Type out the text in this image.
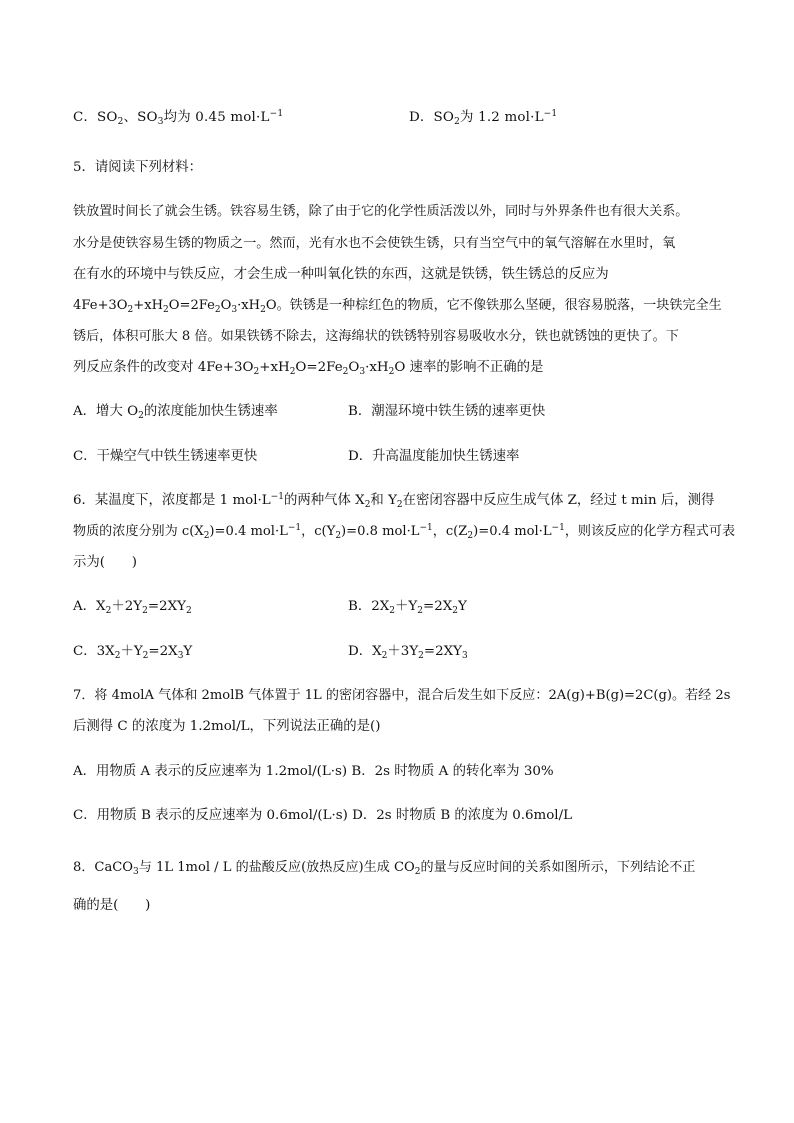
C．$SO_2$、$SO_3$均为 0.45 $mol\cdot L^{-1}$	D．$SO_2$为 1.2 $mol\cdot L^{-1}$
5．请阅读下列材料：
铁放置时间长了就会生锈。铁容易生锈，除了由于它的化学性质活泼以外，同时与外界条件也有很大关系。
水分是使铁容易生锈的物质之一。然而，光有水也不会使铁生锈，只有当空气中的氧气溶解在水里时，氧
在有水的环境中与铁反应，才会生成一种叫氧化铁的东西，这就是铁锈，铁生锈总的反应为
$4Fe+3O_2+xH_2O=2Fe_2O_3\cdot xH_2O$。铁锈是一种棕红色的物质，它不像铁那么坚硬，很容易脱落，一块铁完全生
锈后，体积可胀大 8 倍。如果铁锈不除去，这海绵状的铁锈特别容易吸收水分，铁也就锈蚀的更快了。下
列反应条件的改变对 $4Fe+3O_2+xH_2O=2Fe_2O_3\cdot xH_2O$ 速率的影响不正确的是
A．增大 $O_2$的浓度能加快生锈速率	B．潮湿环境中铁生锈的速率更快
C．干燥空气中铁生锈速率更快	D．升高温度能加快生锈速率
6．某温度下，浓度都是 1 $mol\cdot L^{-1}$的两种气体 $X_2$和 $Y_2$在密闭容器中反应生成气体 Z，经过 t min 后，测得
物质的浓度分别为 $c(X_2)=0.4$ $mol\cdot L^{-1}$，$c(Y_2)=0.8$ $mol\cdot L^{-1}$，$c(Z_2)=0.4$ $mol\cdot L^{-1}$，则该反应的化学方程式可表
示为(　　)
A．$X_2+2Y_2=2XY_2$	B．$2X_2+Y_2=2X_2Y$
C．$3X_2+Y_2=2X_3Y$	D．$X_2+3Y_2=2XY_3$
7．将 4molA 气体和 2molB 气体置于 1L 的密闭容器中，混合后发生如下反应：2A(g)+B(g)=2C(g)。若经 2s
后测得 C 的浓度为 1.2mol/L，下列说法正确的是()
A．用物质 A 表示的反应速率为 1.2mol/(L·s) B．2s 时物质 A 的转化率为 30%
C．用物质 B 表示的反应速率为 0.6mol/(L·s) D．2s 时物质 B 的浓度为 0.6mol/L
8．CaCO$_3$与 1L 1mol / L 的盐酸反应(放热反应)生成 $CO_2$的量与反应时间的关系如图所示，下列结论不正
确的是(　　)
